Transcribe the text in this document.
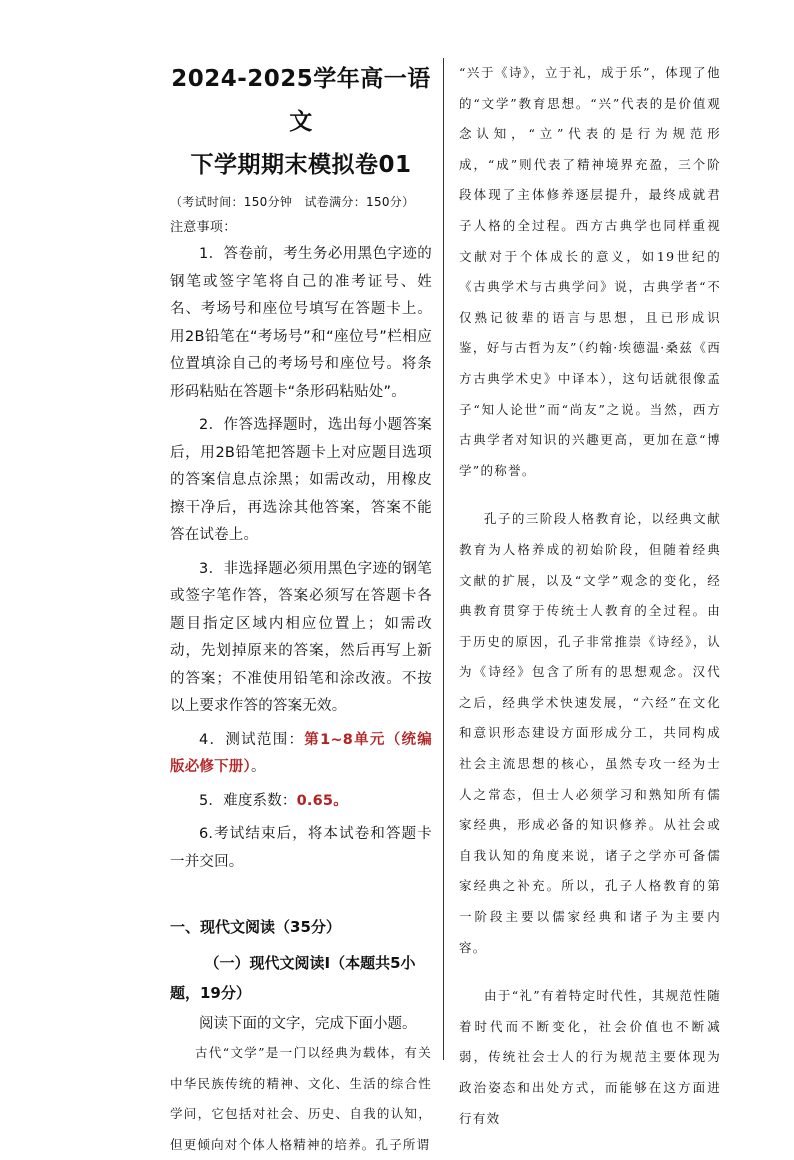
2024-2025学年高一语文
下学期期末模拟卷01
（考试时间：150分钟　试卷满分：150分）
注意事项：

1．答卷前，考生务必用黑色字迹的钢笔或签字笔将自己的准考证号、姓名、考场号和座位号填写在答题卡上。用2B铅笔在“考场号”和“座位号”栏相应位置填涂自己的考场号和座位号。将条形码粘贴在答题卡“条形码粘贴处”。

2．作答选择题时，选出每小题答案后，用2B铅笔把答题卡上对应题目选项的答案信息点涂黑；如需改动，用橡皮擦干净后，再选涂其他答案，答案不能答在试卷上。

3．非选择题必须用黑色字迹的钢笔或签字笔作答，答案必须写在答题卡各题目指定区域内相应位置上；如需改动，先划掉原来的答案，然后再写上新的答案；不准使用铅笔和涂改液。不按以上要求作答的答案无效。

4．测试范围：第1~8单元（统编版必修下册）。

5．难度系数：0.65。

6.考试结束后，将本试卷和答题卡一并交回。

一、现代文阅读（35分）
（一）现代文阅读Ⅰ（本题共5小题，19分）
阅读下面的文字，完成下面小题。

古代“文学”是一门以经典为载体，有关中华民族传统的精神、文化、生活的综合性学问，它包括对社会、历史、自我的认知，但更倾向对个体人格精神的培养。孔子所谓

“兴于《诗》，立于礼，成于乐”，体现了他的“文学”教育思想。“兴”代表的是价值观念认知，“立”代表的是行为规范形成，“成”则代表了精神境界充盈，三个阶段体现了主体修养逐层提升，最终成就君子人格的全过程。西方古典学也同样重视文献对于个体成长的意义，如19世纪的《古典学术与古典学问》说，古典学者“不仅熟记彼辈的语言与思想，且已形成识鉴，好与古哲为友”（约翰·埃德温·桑兹《西方古典学术史》中译本），这句话就很像孟子“知人论世”而“尚友”之说。当然，西方古典学者对知识的兴趣更高，更加在意“博学”的称誉。

孔子的三阶段人格教育论，以经典文献教育为人格养成的初始阶段，但随着经典文献的扩展，以及“文学”观念的变化，经典教育贯穿于传统士人教育的全过程。由于历史的原因，孔子非常推崇《诗经》，认为《诗经》包含了所有的思想观念。汉代之后，经典学术快速发展，“六经”在文化和意识形态建设方面形成分工，共同构成社会主流思想的核心，虽然专攻一经为士人之常态，但士人必须学习和熟知所有儒家经典，形成必备的知识修养。从社会或自我认知的角度来说，诸子之学亦可备儒家经典之补充。所以，孔子人格教育的第一阶段主要以儒家经典和诸子为主要内容。

由于“礼”有着特定时代性，其规范性随着时代而不断变化，社会价值也不断减弱，传统社会士人的行为规范主要体现为政治姿态和出处方式，而能够在这方面进行有效
